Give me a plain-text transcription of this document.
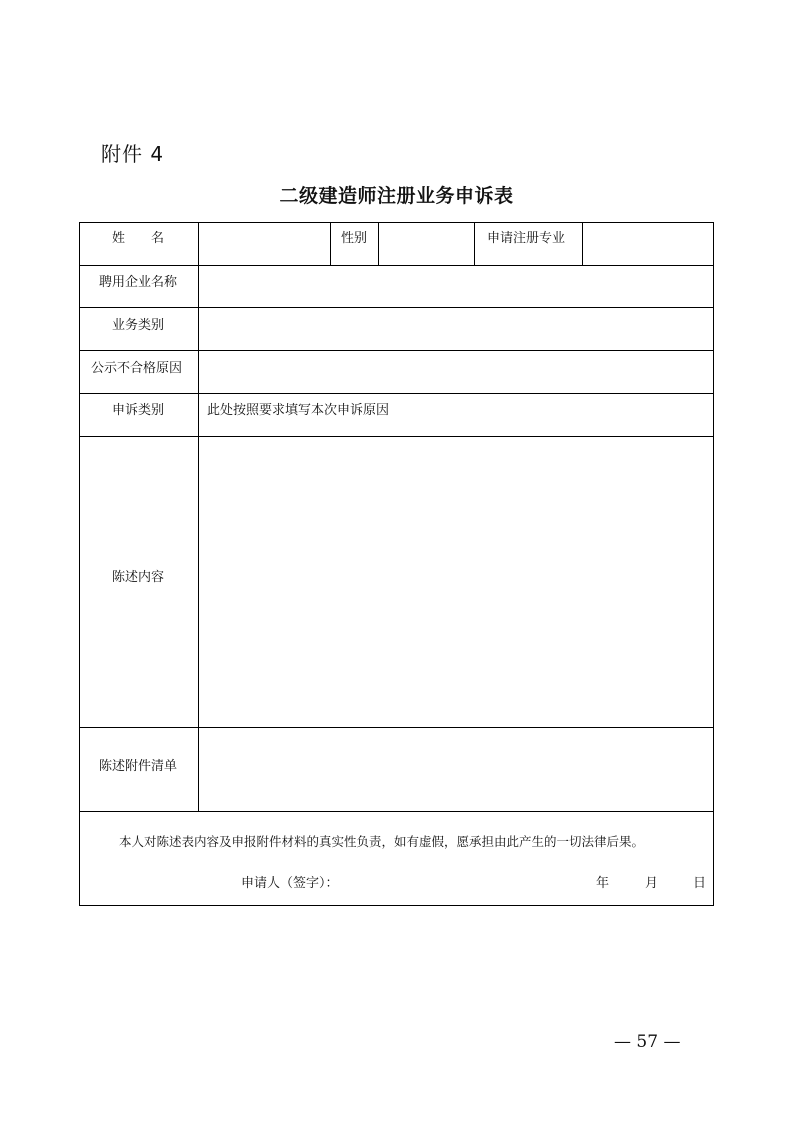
附件 4
二级建造师注册业务申诉表
姓　　名	性别	申请注册专业
聘用企业名称
业务类别
公示不合格原因
申诉类别	此处按照要求填写本次申诉原因
陈述内容
陈述附件清单
本人对陈述表内容及申报附件材料的真实性负责，如有虚假，愿承担由此产生的一切法律后果。
申请人（签字）：	年	月	日
— 57 —
